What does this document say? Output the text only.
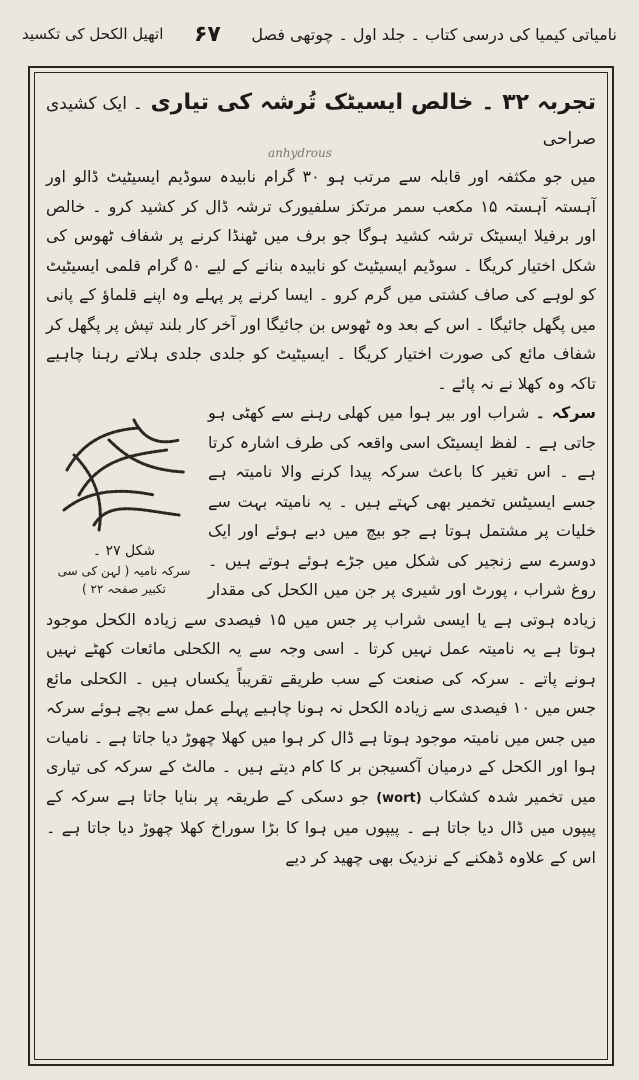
نامیاتی کیمیا کی درسی کتاب ۔ جلد اول ۔ چوتھی فصل
۶۷
اتھیل الکحل کی تکسید
anhydrous
تجربہ ۳۲ ۔ خالص ایسیٹک تُرشہ کی تیاری ۔ ایک کشیدی صراحی

میں جو مکثفہ اور قابلہ سے مرتب ہو ۳۰ گرام نابیدہ سوڈیم ایسیٹیٹ ڈالو اور آہستہ آہستہ ۱۵ مکعب سمر مرتکز سلفیورک ترشہ ڈال کر کشید کرو ۔ خالص اور برفیلا ایسیٹک ترشہ کشید ہوگا جو برف میں ٹھنڈا کرنے پر شفاف ٹھوس کی شکل اختیار کریگا ۔ سوڈیم ایسیٹیٹ کو نابیدہ بنانے کے لیے ۵۰ گرام قلمی ایسیٹیٹ کو لوہے کی صاف کشتی میں گرم کرو ۔ ایسا کرنے پر پہلے وہ اپنے قلماؤ کے پانی میں پگھل جائیگا ۔ اس کے بعد وہ ٹھوس بن جائیگا اور آخر کار بلند تپش پر پگھل کر شفاف مائع کی صورت اختیار کریگا ۔ ایسیٹیٹ کو جلدی جلدی ہلاتے رہنا چاہیے تاکہ وہ کھلا نے نہ پائے ۔

شکل ۲۷ ۔
سرکہ نامیہ ( لہن کی سی تکبیر صفحہ ۲۲ )

سرکہ ۔ شراب اور بیر ہوا میں کھلی رہنے سے کھٹی ہو جاتی ہے ۔ لفظ ایسیٹک اسی واقعہ کی طرف اشارہ کرتا ہے ۔ اس تغیر کا باعث سرکہ پیدا کرنے والا نامیتہ ہے جسے ایسیٹس تخمیر بھی کہتے ہیں ۔ یہ نامیتہ بہت سے خلیات پر مشتمل ہوتا ہے جو بیچ میں دبے ہوئے اور ایک دوسرے سے زنجیر کی شکل میں جڑے ہوئے ہوتے ہیں ۔ روغ شراب ، پورٹ اور شیری پر جن میں الکحل کی مقدار زیادہ ہوتی ہے یا ایسی شراب پر جس میں ۱۵ فیصدی سے زیادہ الکحل موجود ہوتا ہے یہ نامیتہ عمل نہیں کرتا ۔ اسی وجہ سے یہ الکحلی مائعات کھٹے نہیں ہونے پاتے ۔ سرکہ کی صنعت کے سب طریقے تقریباً یکساں ہیں ۔ الکحلی مائع جس میں ۱۰ فیصدی سے زیادہ الکحل نہ ہونا چاہیے پہلے عمل سے بچے ہوئے سرکہ میں جس میں نامیتہ موجود ہوتا ہے ڈال کر ہوا میں کھلا چھوڑ دیا جاتا ہے ۔ نامیات ہوا اور الکحل کے درمیان آکسیجن بر کا کام دیتے ہیں ۔ مالٹ کے سرکہ کی تیاری میں تخمیر شدہ کشکاب (wort) جو دسکی کے طریقہ پر بنایا جاتا ہے سرکہ کے پیپوں میں ڈال دیا جاتا ہے ۔ پیپوں میں ہوا کا بڑا سوراخ کھلا چھوڑ دیا جاتا ہے ۔ اس کے علاوہ ڈھکنے کے نزدیک بھی چھید کر دیے
